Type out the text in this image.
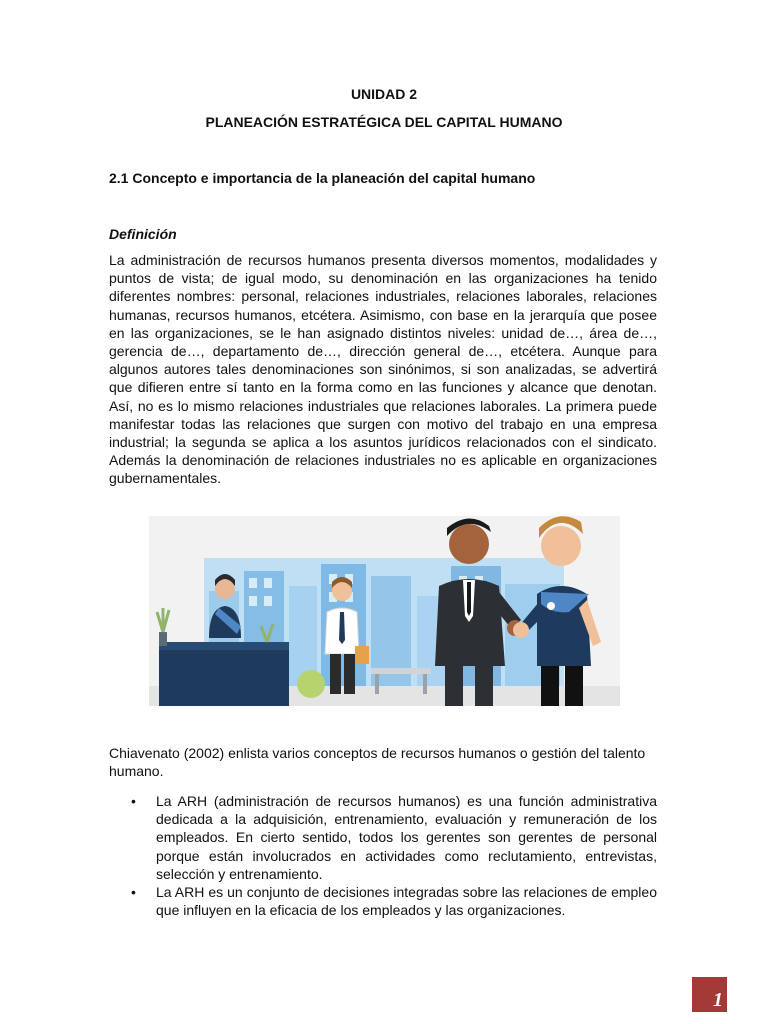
UNIDAD 2
PLANEACIÓN ESTRATÉGICA DEL CAPITAL HUMANO
2.1 Concepto e importancia de la planeación del capital humano
Definición
La administración de recursos humanos presenta diversos momentos, modalidades y puntos de vista; de igual modo, su denominación en las organizaciones ha tenido diferentes nombres: personal, relaciones industriales, relaciones laborales, relaciones humanas, recursos humanos, etcétera. Asimismo, con base en la jerarquía que posee en las organizaciones, se le han asignado distintos niveles: unidad de…, área de…, gerencia de…, departamento de…, dirección general de…, etcétera. Aunque para algunos autores tales denominaciones son sinónimos, si son analizadas, se advertirá que difieren entre sí tanto en la forma como en las funciones y alcance que denotan. Así, no es lo mismo relaciones industriales que relaciones laborales. La primera puede manifestar todas las relaciones que surgen con motivo del trabajo en una empresa industrial; la segunda se aplica a los asuntos jurídicos relacionados con el sindicato. Además la denominación de relaciones industriales no es aplicable en organizaciones gubernamentales.
Chiavenato (2002) enlista varios conceptos de recursos humanos o gestión del talento humano.
• La ARH (administración de recursos humanos) es una función administrativa dedicada a la adquisición, entrenamiento, evaluación y remuneración de los empleados. En cierto sentido, todos los gerentes son gerentes de personal porque están involucrados en actividades como reclutamiento, entrevistas, selección y entrenamiento.
• La ARH es un conjunto de decisiones integradas sobre las relaciones de empleo que influyen en la eficacia de los empleados y las organizaciones.
1
